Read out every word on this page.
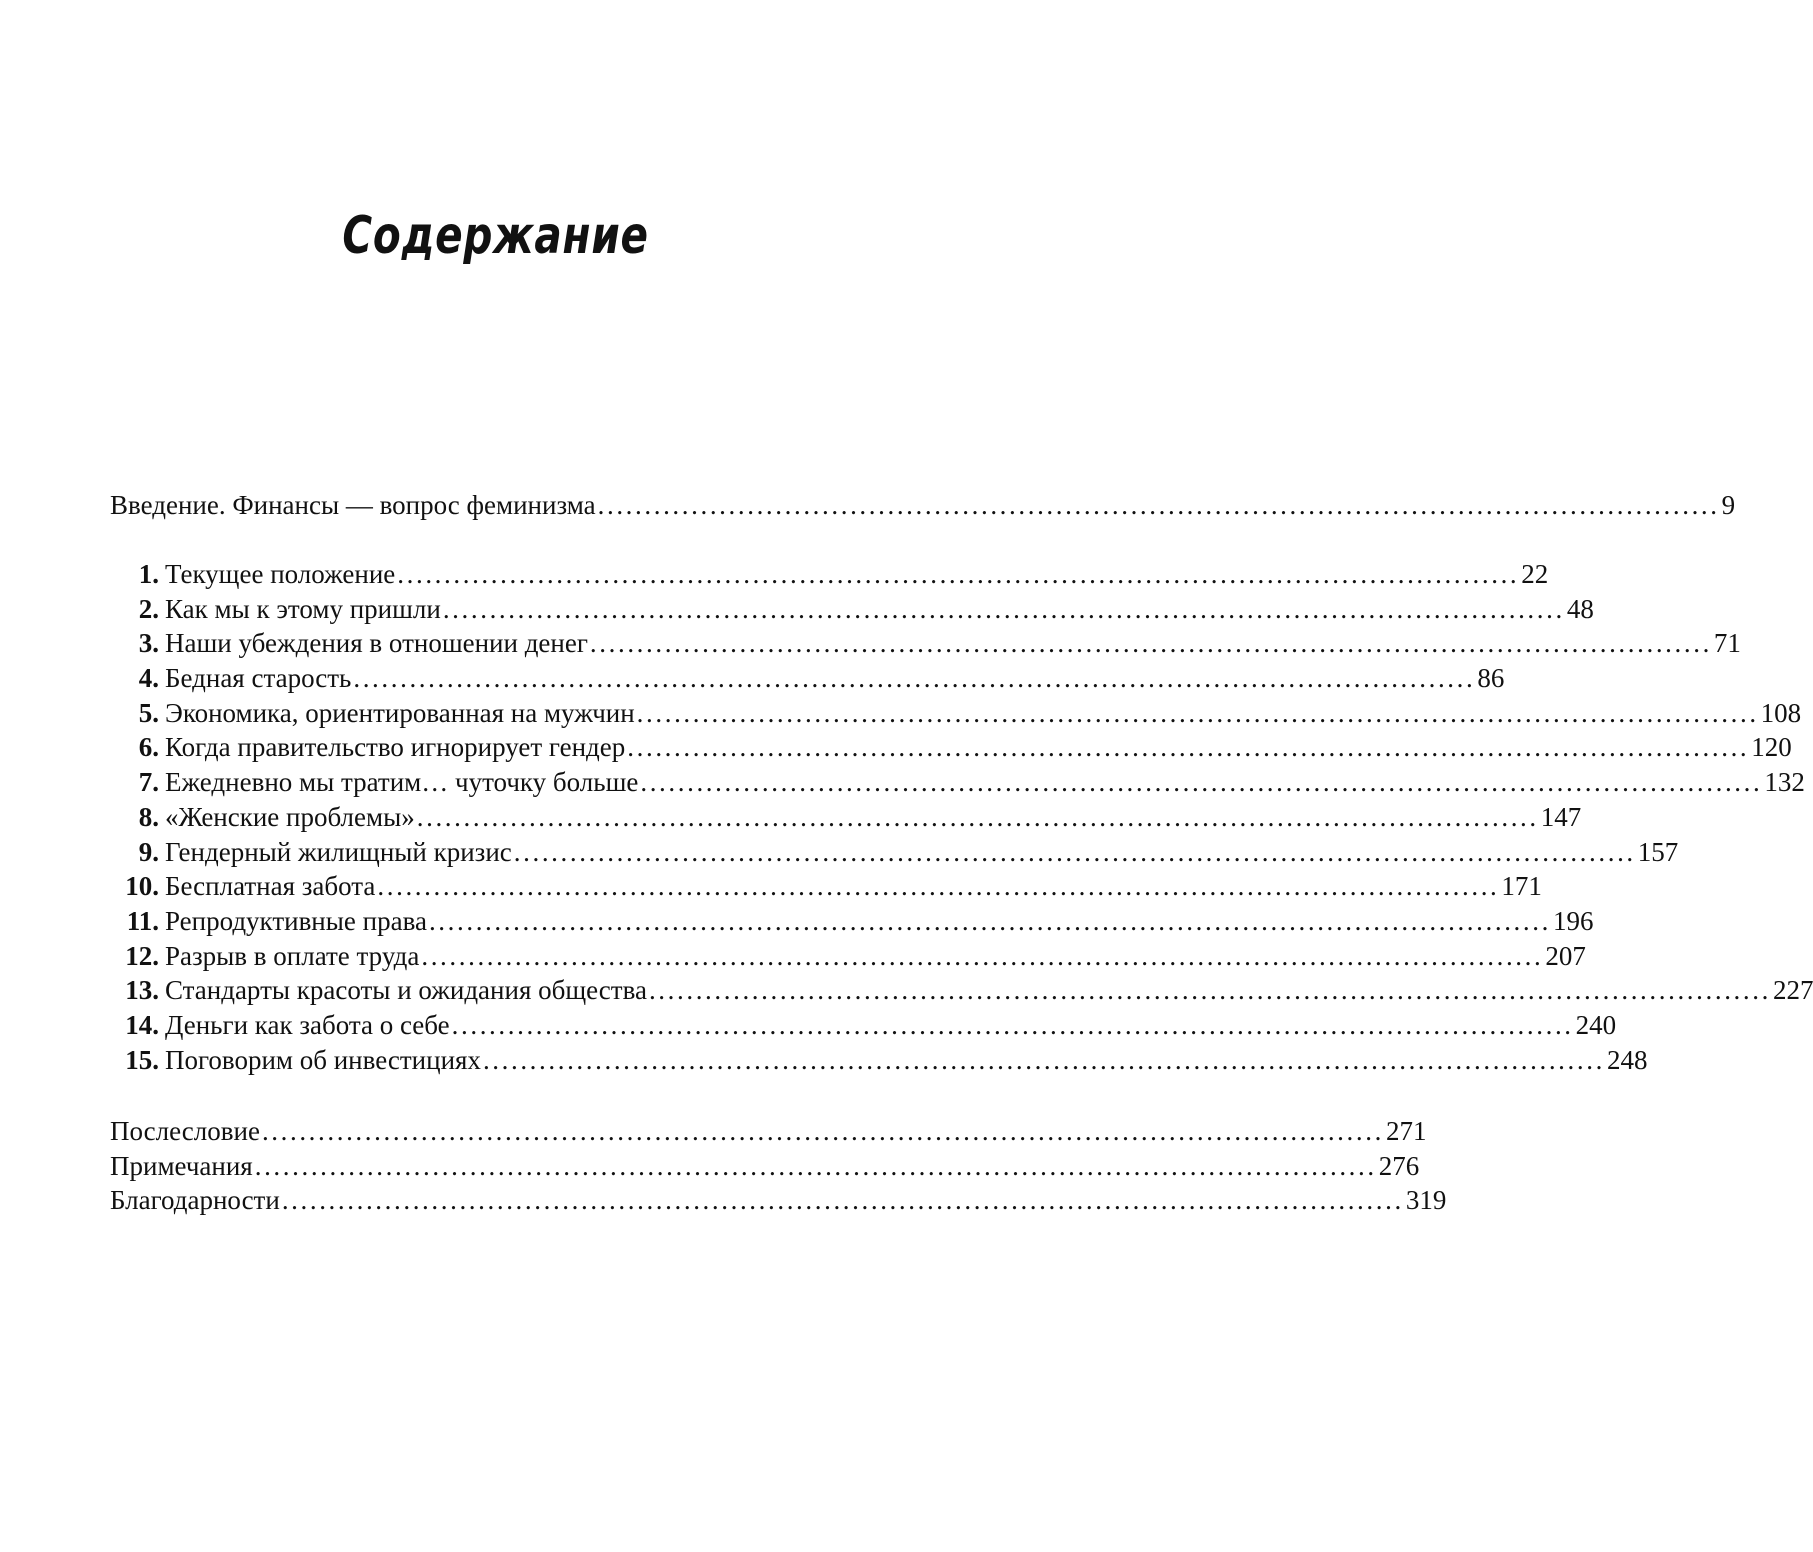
Содержание
Введение. Финансы — вопрос феминизма ........................................................................................................................ 9
1. Текущее положение ........................................................................................................................ 22
2. Как мы к этому пришли ........................................................................................................................ 48
3. Наши убеждения в отношении денег ........................................................................................................................ 71
4. Бедная старость ........................................................................................................................ 86
5. Экономика, ориентированная на мужчин ........................................................................................................................ 108
6. Когда правительство игнорирует гендер ........................................................................................................................ 120
7. Ежедневно мы тратим… чуточку больше ........................................................................................................................ 132
8. «Женские проблемы» ........................................................................................................................ 147
9. Гендерный жилищный кризис ........................................................................................................................ 157
10. Бесплатная забота ........................................................................................................................ 171
11. Репродуктивные права ........................................................................................................................ 196
12. Разрыв в оплате труда ........................................................................................................................ 207
13. Стандарты красоты и ожидания общества ........................................................................................................................ 227
14. Деньги как забота о себе ........................................................................................................................ 240
15. Поговорим об инвестициях ........................................................................................................................ 248
Послесловие ........................................................................................................................ 271
Примечания ........................................................................................................................ 276
Благодарности ........................................................................................................................ 319
